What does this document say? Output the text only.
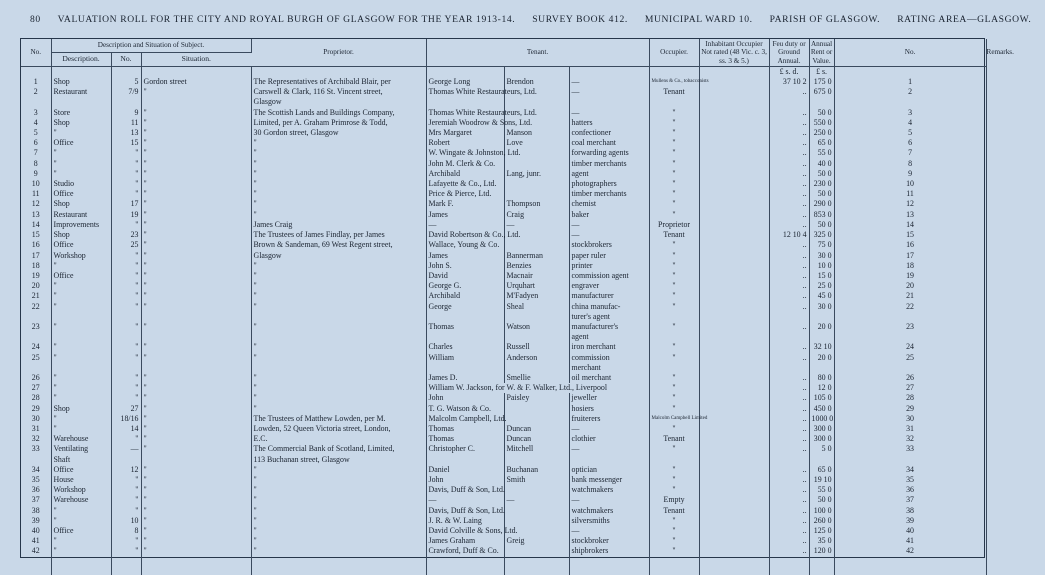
80 VALUATION ROLL FOR THE CITY AND ROYAL BURGH OF GLASGOW FOR THE YEAR 1913-14. SURVEY BOOK 412. MUNICIPAL WARD 10. PARISH OF GLASGOW. RATING AREA—GLASGOW.
No.	Description and Situation of Subject.			Proprietor.	Tenant.			Occupier.	Inhabitant Occupier Not rated (48 Vic. c. 3, ss. 3 & 5.)	Feu duty or Ground Annual.	Annual Rent or Value.	No.	Remarks.
	Description.	No.	Situation.										
										£ s. d.	£ s.		
1	Shop	5	Gordon street	The Representatives of Archibald Blair, per	George Long	Brendon	—	Mullens & Co., tobacconists		37 10 2	175 0	1	
2	Restaurant	7/9	"	Carswell & Clark, 116 St. Vincent street,	Thomas White Restaurateurs, Ltd.		—	Tenant		..	675 0	2	
				Glasgow									
3	Store	9	"	The Scottish Lands and Buildings Company,	Thomas White Restaurateurs, Ltd.		—	"		..	50 0	3	
4	Shop	11	"	Limited, per A. Graham Primrose & Todd,	Jeremiah Woodrow & Sons, Ltd.		hatters	"		..	550 0	4	
5	"	13	"	30 Gordon street, Glasgow	Mrs Margaret	Manson	confectioner	"		..	250 0	5	
6	Office	15	"	"	Robert	Love	coal merchant	"		..	65 0	6	
7	"	"	"	"	W. Wingate & Johnston, Ltd.		forwarding agents	"		..	55 0	7	
8	"	"	"	"	John M. Clerk & Co.		timber merchants	"		..	40 0	8	
9	"	"	"	"	Archibald	Lang, junr.	agent	"		..	50 0	9	
10	Studio	"	"	"	Lafayette & Co., Ltd.		photographers	"		..	230 0	10	
11	Office	"	"	"	Price & Pierce, Ltd.		timber merchants	"		..	50 0	11	
12	Shop	17	"	"	Mark F.	Thompson	chemist	"		..	290 0	12	
13	Restaurant	19	"	"	James	Craig	baker	"		..	853 0	13	
14	Improvements	"	"	James Craig	—	—	—	Proprietor		..	50 0	14	
15	Shop	23	"	The Trustees of James Findlay, per James	David Robertson & Co., Ltd.		—	Tenant		12 10 4	325 0	15	
16	Office	25	"	Brown & Sandeman, 69 West Regent street,	Wallace, Young & Co.		stockbrokers	"		..	75 0	16	
17	Workshop	"	"	Glasgow	James	Bannerman	paper ruler	"		..	30 0	17	
18	"	"	"	"	John S.	Benzies	printer	"		..	10 0	18	
19	Office	"	"	"	David	Macnair	commission agent	"		..	15 0	19	
20	"	"	"	"	George G.	Urquhart	engraver	"		..	25 0	20	
21	"	"	"	"	Archibald	M'Fadyen	manufacturer	"		..	45 0	21	
22	"	"	"	"	George	Sheal	china manufac-	"		..	30 0	22	
							turer's agent						
23	"	"	"	"	Thomas	Watson	manufacturer's	"		..	20 0	23	
							agent						
24	"	"	"	"	Charles	Russell	iron merchant	"		..	32 10	24	
25	"	"	"	"	William	Anderson	commission	"		..	20 0	25	
							merchant						
26	"	"	"	"	James D.	Smellie	oil merchant	"		..	80 0	26	
27	"	"	"	"	William W. Jackson, for W. & F. Walker, Ltd., Liverpool			"		..	12 0	27	
28	"	"	"	"	John	Paisley	jeweller	"		..	105 0	28	
29	Shop	27	"	"	T. G. Watson & Co.		hosiers	"		..	450 0	29	
30	"	18/16	"	The Trustees of Matthew Lowden, per M.	Malcolm Campbell, Ltd.		fruiterers	Malcolm Campbell Limited		..	1000 0	30	
31	"	14	"	Lowden, 52 Queen Victoria street, London,	Thomas	Duncan	—	"		..	300 0	31	
32	Warehouse	"	"	E.C.	Thomas	Duncan	clothier	Tenant		..	300 0	32	
33	Ventilating	—	"	The Commercial Bank of Scotland, Limited,	Christopher C.	Mitchell	—	"		..	5 0	33	
	Shaft			113 Buchanan street, Glasgow									
34	Office	12	"	"	Daniel	Buchanan	optician	"		..	65 0	34	
35	House	"	"	"	John	Smith	bank messenger	"		..	19 10	35	
36	Workshop	"	"	"	Davis, Duff & Son, Ltd.		watchmakers	"		..	55 0	36	
37	Warehouse	"	"	"	—	—	—	Empty		..	50 0	37	
38	"	"	"	"	Davis, Duff & Son, Ltd.		watchmakers	Tenant		..	100 0	38	
39	"	10	"	"	J. R. & W. Laing		silversmiths	"		..	260 0	39	
40	Office	8	"	"	David Colville & Sons, Ltd.		—	"		..	125 0	40	
41	"	"	"	"	James Graham	Greig	stockbroker	"		..	35 0	41	
42	"	"	"	"	Crawford, Duff & Co.		shipbrokers	"		..	120 0	42	
